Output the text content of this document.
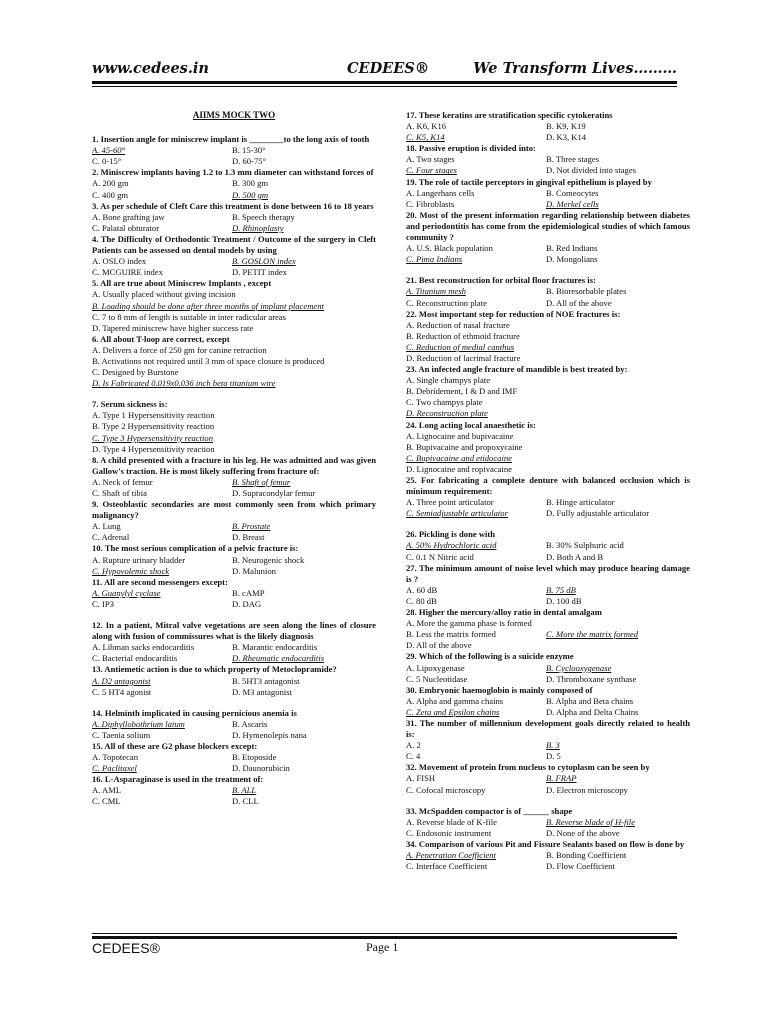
www.cedees.in	CEDEES®	We Transform Lives………
AIIMS MOCK TWO
1. Insertion angle for miniscrew implant is ________to the long axis of tooth
A. 45-60°	B. 15-30°
C. 0-15°	D. 60-75°
2. Miniscrew implants having 1.2 to 1.3 mm diameter can withstand forces of
A. 200 gm	B. 300 gm
C. 400 gm	D. 500 gm
3. As per schedule of Cleft Care this treatment is done between 16 to 18 years
A. Bone grafting jaw	B. Speech therapy
C. Palatal obturator	D. Rhinoplasty
4. The Difficulty of Orthodontic Treatment / Outcome of the surgery in Cleft Patients can be assessed on dental models by using
A. OSLO index	B. GOSLON index
C. MCGUIRE index	D. PETIT index
5. All are true about Miniscrew Implants , except
A. Usually placed without giving incision
B. Loading should be done after three months of implant placement
C. 7 to 8 mm of length is suitable in inter radicular areas
D. Tapered miniscrew have higher success rate
6. All about T-loop are correct, except
A. Delivers a force of 250 gm for canine retraction
B. Activations not required until 3 mm of space closure is produced
C. Designed by Burstone
D. Is Fabricated 0.019x0.036 inch beta titanium wire
7. Serum sickness is:
A. Type 1 Hypersensitivity reaction
B. Type 2 Hypersensitivity reaction
C. Type 3 Hypersensitivity reaction
D. Type 4 Hypersensitivity reaction
8. A child presented with a fracture in his leg. He was admitted and was given Gallow's traction. He is most likely suffering from fracture of:
A. Neck of femur	B. Shaft of femur
C. Shaft of tibia	D. Supracondylar femur
9. Osteoblastic secondaries are most commonly seen from which primary malignancy?
A. Lung	B. Prostate
C. Adrenal	D. Breast
10. The most serious complication of a pelvic fracture is:
A. Rupture urinary bladder	B. Neurogenic shock
C. Hypovolemic shock	D. Malunion
11. All are second messengers except:
A. Guanylyl cyclase	B. cAMP
C. IP3	D. DAG
12. In a patient, Mitral valve vegetations are seen along the lines of closure along with fusion of commissures what is the likely diagnosis
A. Libman sacks endocarditis	B. Marantic endocarditis
C. Bacterial endocarditis	D. Rheumatic endocarditis
13. Antiemetic action is due to which property of Metoclopramide?
A. D2 antagonist	B. 5HT3 antagonist
C. 5 HT4 agonist	D. M3 antagonist
14. Helminth implicated in causing pernicious anemia is
A. Diphyllobothrium latum	B. Ascaris
C. Taenia solium	D. Hymenolepis nana
15. All of these are G2 phase blockers except:
A. Topotecan	B. Etoposide
C. Paclitaxel	D. Daunorubicin
16. L-Asparaginase is used in the treatment of:
A. AML	B. ALL
C. CML	D. CLL
17. These keratins are stratification specific cytokeratins
A. K6, K16	B. K9, K19
C. K5, K14	D. K3, K14
18. Passive eruption is divided into:
A. Two stages	B. Three stages
C. Four stages	D. Not divided into stages
19. The role of tactile perceptors in gingival epithelium is played by
A. Langerhans cells	B. Comeocytes
C. Fibroblasts	D. Merkel cells
20. Most of the present information regarding relationship between diabetes and periodontitis has come from the epidemiological studies of which famous community ?
A. U.S. Black population	B. Red Indians
C. Pima Indians	D. Mongolians
21. Best reconstruction for orbital floor fractures is:
A. Titanium mesh	B. Bioresorbable plates
C. Reconstruction plate	D. All of the above
22. Most important step for reduction of NOE fractures is:
A. Reduction of nasal fracture
B. Reduction of ethmoid fracture
C. Reduction of medial canthus
D. Reduction of lacrimal fracture
23. An infected angle fracture of mandible is best treated by:
A. Single champys plate
B. Debridement, I & D and IMF
C. Two champys plate
D. Reconstruction plate
24. Long acting local anaesthetic is:
A. Lignocaine and bupivacaine
B. Bupivacaine and propoxycaine
C. Bupivacaine and etidocaine
D. Lignocaine and ropivacaine
25. For fabricating a complete denture with balanced occlusion which is minimum requirement:
A. Three point articulator	B. Hinge articulator
C. Semiadjustable articulator	D. Fully adjustable articulator
26. Pickling is done with
A. 50% Hydrochloric acid	B. 30% Sulphuric acid
C. 0.1 N Nitric acid	D. Both A and B
27. The minimum amount of noise level which may produce hearing damage is ?
A. 60 dB	B. 75 dB
C. 80 dB	D. 100 dB
28. Higher the mercury/alloy ratio in dental amalgam
A. More the gamma phase is formed
B. Less the matrix formed	C. More the matrix formed
D. All of the above
29. Which of the following is a suicide enzyme
A. Lipoxygenase	B. Cyclooxygenase
C. 5 Nucleotidase	D. Thromboxane synthase
30. Embryonic haemoglobin is mainly composed of
A. Alpha and gamma chains	B. Alpha and Beta chains
C. Zeta and Epsilon chains	D. Alpha and Delta Chains
31. The number of millennium development goals directly related to health is:
A. 2	B. 3
C. 4	D. 5
32. Movement of protein from nucleus to cytoplasm can be seen by
A. FISH	B. FRAP
C. Cofocal microscopy	D. Electron microscopy
33. McSpadden compactor is of ______ shape
A. Reverse blade of K-file	B. Reverse blade of H-file
C. Endosonic instrument	D. None of the above
34. Comparison of various Pit and Fissure Sealants based on flow is done by
A. Penetration Coefficient	B. Bonding Coefficient
C. Interface Coefficient	D. Flow Coefficient
CEDEES®	Page 1
